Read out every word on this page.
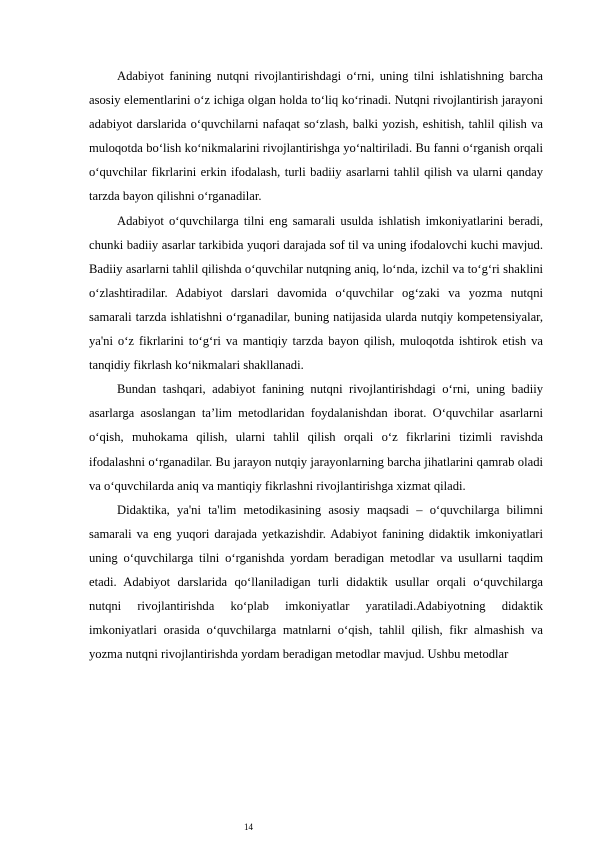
Adabiyot fanining nutqni rivojlantirishdagi o‘rni, uning tilni ishlatishning barcha asosiy elementlarini o‘z ichiga olgan holda to‘liq ko‘rinadi. Nutqni rivojlantirish jarayoni adabiyot darslarida o‘quvchilarni nafaqat so‘zlash, balki yozish, eshitish, tahlil qilish va muloqotda bo‘lish ko‘nikmalarini rivojlantirishga yo‘naltiriladi. Bu fanni o‘rganish orqali o‘quvchilar fikrlarini erkin ifodalash, turli badiiy asarlarni tahlil qilish va ularni qanday tarzda bayon qilishni o‘rganadilar.

Adabiyot o‘quvchilarga tilni eng samarali usulda ishlatish imkoniyatlarini beradi, chunki badiiy asarlar tarkibida yuqori darajada sof til va uning ifodalovchi kuchi mavjud. Badiiy asarlarni tahlil qilishda o‘quvchilar nutqning aniq, lo‘nda, izchil va to‘g‘ri shaklini o‘zlashtiradilar. Adabiyot darslari davomida o‘quvchilar og‘zaki va yozma nutqni samarali tarzda ishlatishni o‘rganadilar, buning natijasida ularda nutqiy kompetensiyalar, ya'ni o‘z fikrlarini to‘g‘ri va mantiqiy tarzda bayon qilish, muloqotda ishtirok etish va tanqidiy fikrlash ko‘nikmalari shakllanadi.

Bundan tashqari, adabiyot fanining nutqni rivojlantirishdagi o‘rni, uning badiiy asarlarga asoslangan ta’lim metodlaridan foydalanishdan iborat. O‘quvchilar asarlarni o‘qish, muhokama qilish, ularni tahlil qilish orqali o‘z fikrlarini tizimli ravishda ifodalashni o‘rganadilar. Bu jarayon nutqiy jarayonlarning barcha jihatlarini qamrab oladi va o‘quvchilarda aniq va mantiqiy fikrlashni rivojlantirishga xizmat qiladi.

Didaktika, ya'ni ta'lim metodikasining asosiy maqsadi – o‘quvchilarga bilimni samarali va eng yuqori darajada yetkazishdir. Adabiyot fanining didaktik imkoniyatlari uning o‘quvchilarga tilni o‘rganishda yordam beradigan metodlar va usullarni taqdim etadi. Adabiyot darslarida qo‘llaniladigan turli didaktik usullar orqali o‘quvchilarga nutqni rivojlantirishda ko‘plab imkoniyatlar yaratiladi.Adabiyotning didaktik imkoniyatlari orasida o‘quvchilarga matnlarni o‘qish, tahlil qilish, fikr almashish va yozma nutqni rivojlantirishda yordam beradigan metodlar mavjud. Ushbu metodlar

14
